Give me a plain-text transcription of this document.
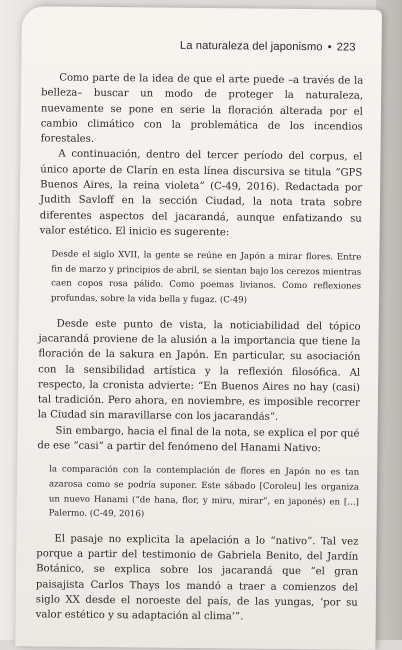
La naturaleza del japonismo • 223

Como parte de la idea de que el arte puede –a través de la belleza– buscar un modo de proteger la naturaleza, nuevamente se pone en serie la floración alterada por el cambio climático con la problemática de los incendios forestales.

A continuación, dentro del tercer período del corpus, el único aporte de Clarín en esta línea discursiva se titula “GPS Buenos Aires, la reina violeta” (C-49, 2016). Redactada por Judith Savloff en la sección Ciudad, la nota trata sobre diferentes aspectos del jacarandá, aunque enfatizando su valor estético. El inicio es sugerente:

Desde el siglo XVII, la gente se reúne en Japón a mirar flores. Entre fin de marzo y principios de abril, se sientan bajo los cerezos mientras caen copos rosa pálido. Como poemas livianos. Como reflexiones profundas, sobre la vida bella y fugaz. (C-49)

Desde este punto de vista, la noticiabilidad del tópico jacarandá proviene de la alusión a la importancia que tiene la floración de la sakura en Japón. En particular, su asociación con la sensibilidad artística y la reflexión filosófica. Al respecto, la cronista advierte: “En Buenos Aires no hay (casi) tal tradición. Pero ahora, en noviembre, es imposible recorrer la Ciudad sin maravillarse con los jacarandás”.

Sin embargo, hacia el final de la nota, se explica el por qué de ese “casi” a partir del fenómeno del Hanami Nativo:

la comparación con la contemplación de flores en Japón no es tan azarosa como se podría suponer. Este sábado [Coroleu] les organiza un nuevo Hanami (“de hana, flor, y miru, mirar”, en japonés) en [...] Palermo. (C-49, 2016)

El pasaje no explicita la apelación a lo “nativo”. Tal vez porque a partir del testimonio de Gabriela Benito, del Jardín Botánico, se explica sobre los jacarandá que “el gran paisajista Carlos Thays los mandó a traer a comienzos del siglo XX desde el noroeste del país, de las yungas, ‘por su valor estético y su adaptación al clima’”.
